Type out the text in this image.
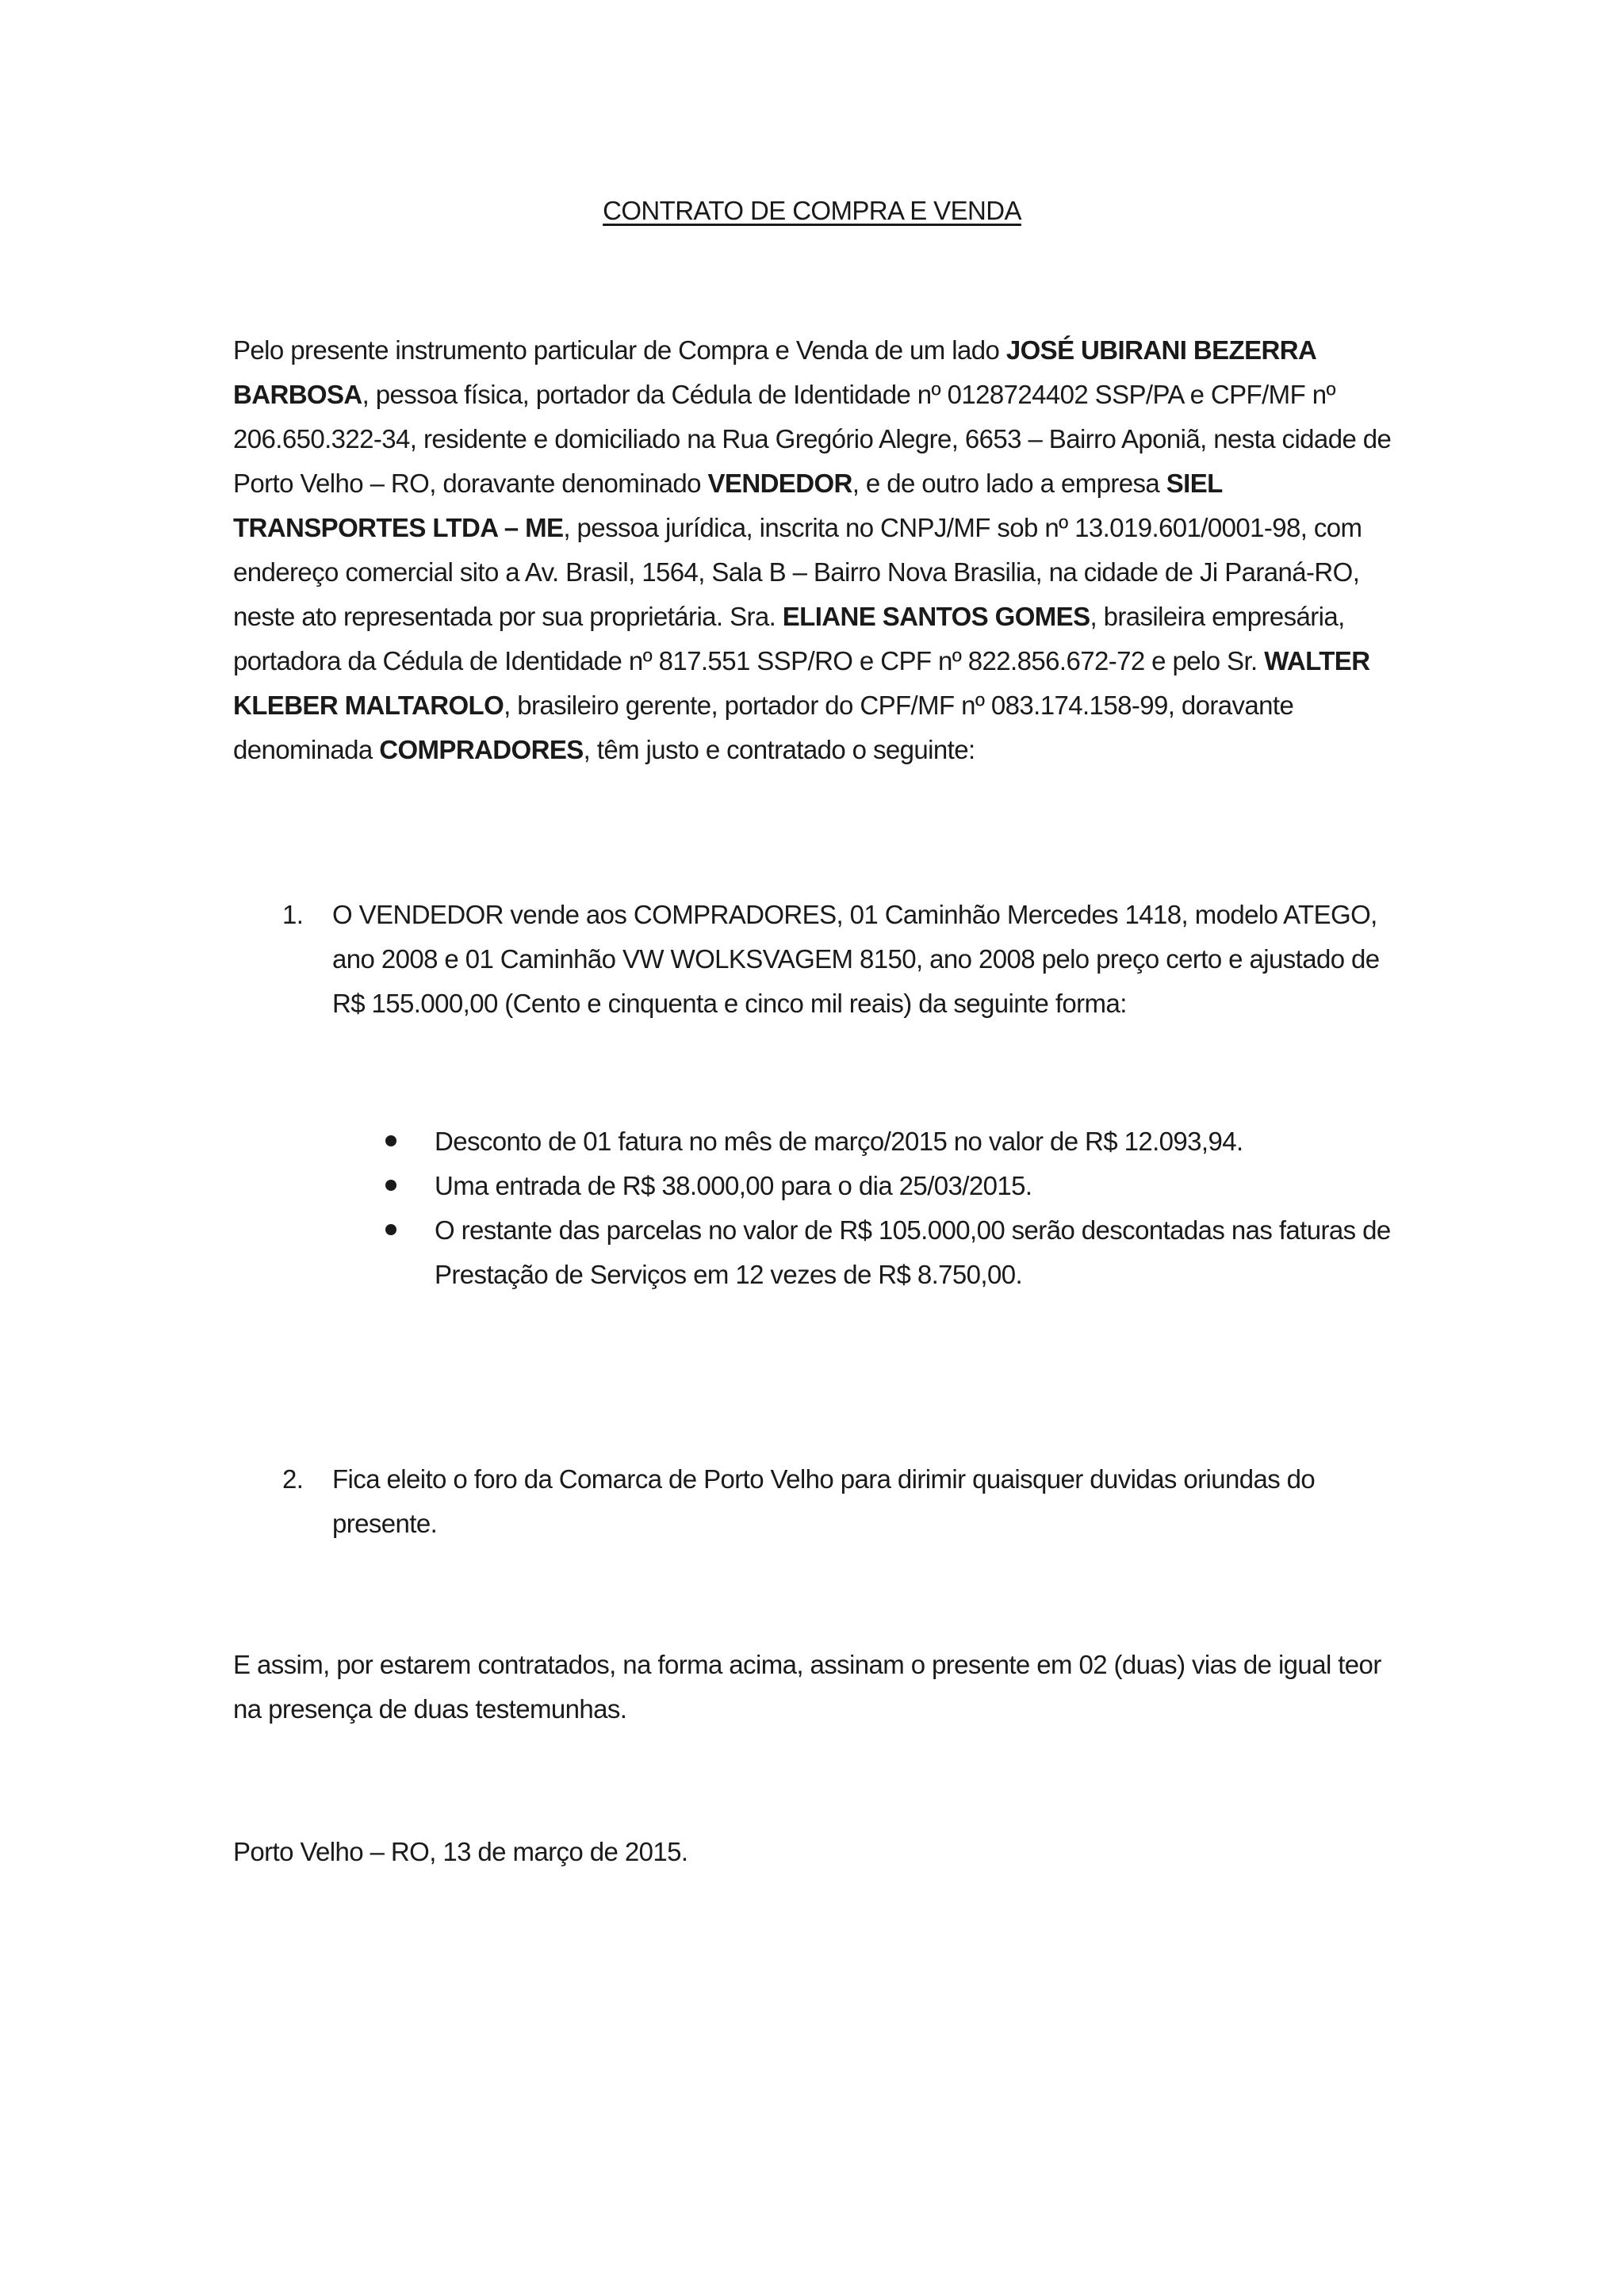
CONTRATO DE COMPRA E VENDA

Pelo presente instrumento particular de Compra e Venda de um lado JOSÉ UBIRANI BEZERRA BARBOSA, pessoa física, portador da Cédula de Identidade nº 0128724402 SSP/PA e CPF/MF nº 206.650.322-34, residente e domiciliado na Rua Gregório Alegre, 6653 – Bairro Aponiã, nesta cidade de Porto Velho – RO, doravante denominado VENDEDOR, e de outro lado a empresa SIEL TRANSPORTES LTDA – ME, pessoa jurídica, inscrita no CNPJ/MF sob nº 13.019.601/0001-98, com endereço comercial sito a Av. Brasil, 1564, Sala B – Bairro Nova Brasilia, na cidade de Ji Paraná-RO, neste ato representada por sua proprietária. Sra. ELIANE SANTOS GOMES, brasileira empresária, portadora da Cédula de Identidade nº 817.551 SSP/RO e CPF nº 822.856.672-72 e pelo Sr. WALTER KLEBER MALTAROLO, brasileiro gerente, portador do CPF/MF nº 083.174.158-99, doravante denominada COMPRADORES, têm justo e contratado o seguinte:

1. O VENDEDOR vende aos COMPRADORES, 01 Caminhão Mercedes 1418, modelo ATEGO, ano 2008 e 01 Caminhão VW WOLKSVAGEM 8150, ano 2008 pelo preço certo e ajustado de R$ 155.000,00 (Cento e cinquenta e cinco mil reais) da seguinte forma:
Desconto de 01 fatura no mês de março/2015 no valor de R$ 12.093,94.
Uma entrada de R$ 38.000,00 para o dia 25/03/2015.
O restante das parcelas no valor de R$ 105.000,00 serão descontadas nas faturas de Prestação de Serviços em 12 vezes de R$ 8.750,00.
2. Fica eleito o foro da Comarca de Porto Velho para dirimir quaisquer duvidas oriundas do presente.

E assim, por estarem contratados, na forma acima, assinam o presente em 02 (duas) vias de igual teor na presença de duas testemunhas.

Porto Velho – RO, 13 de março de 2015.
